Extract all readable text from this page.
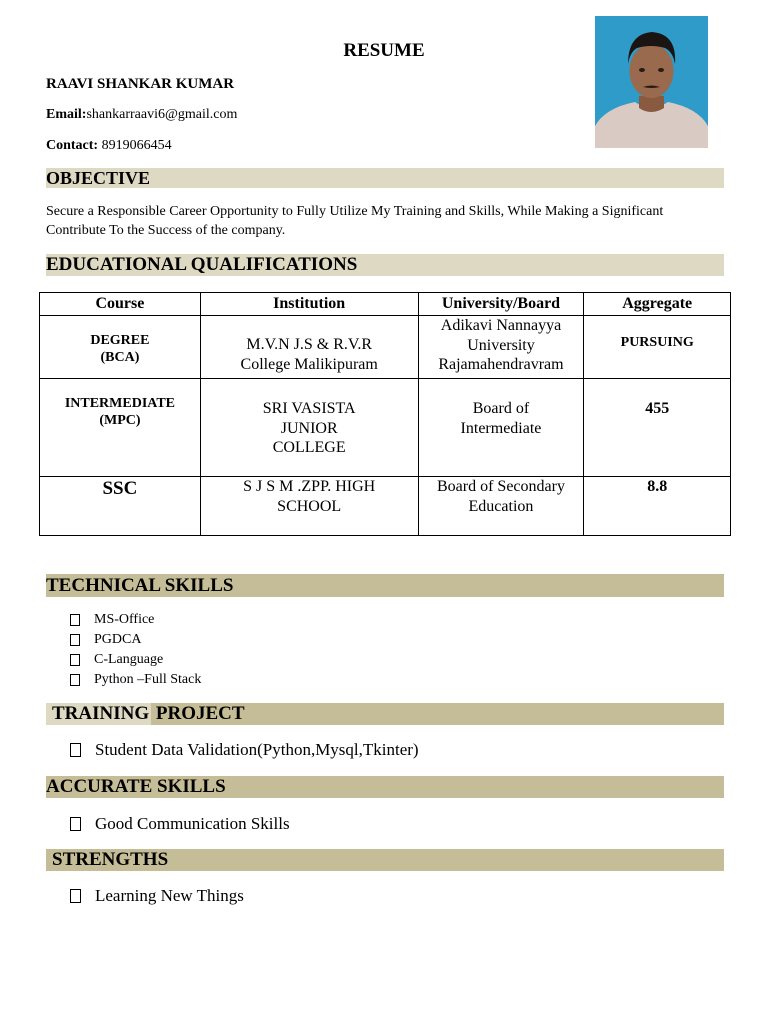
RESUME
RAAVI SHANKAR KUMAR
Email:shankarraavi6@gmail.com
Contact: 8919066454
OBJECTIVE
Secure a Responsible Career Opportunity to Fully Utilize My Training and Skills, While Making a Significant Contribute To the Success of the company.
EDUCATIONAL QUALIFICATIONS
Course	Institution	University/Board	Aggregate

DEGREE (BCA)	M.V.N J.S & R.V.R College Malikipuram	Adikavi Nannayya University Rajamahendravram	PURSUING

INTERMEDIATE (MPC)	SRI VASISTA JUNIOR COLLEGE	Board of Intermediate	455

SSC	S J S M .ZPP. HIGH SCHOOL	Board of Secondary Education	8.8
TECHNICAL SKILLS
MS-Office
PGDCA
C-Language
Python –Full Stack
TRAINING PROJECT
Student Data Validation(Python,Mysql,Tkinter)
ACCURATE SKILLS
Good Communication Skills
STRENGTHS
Learning New Things
